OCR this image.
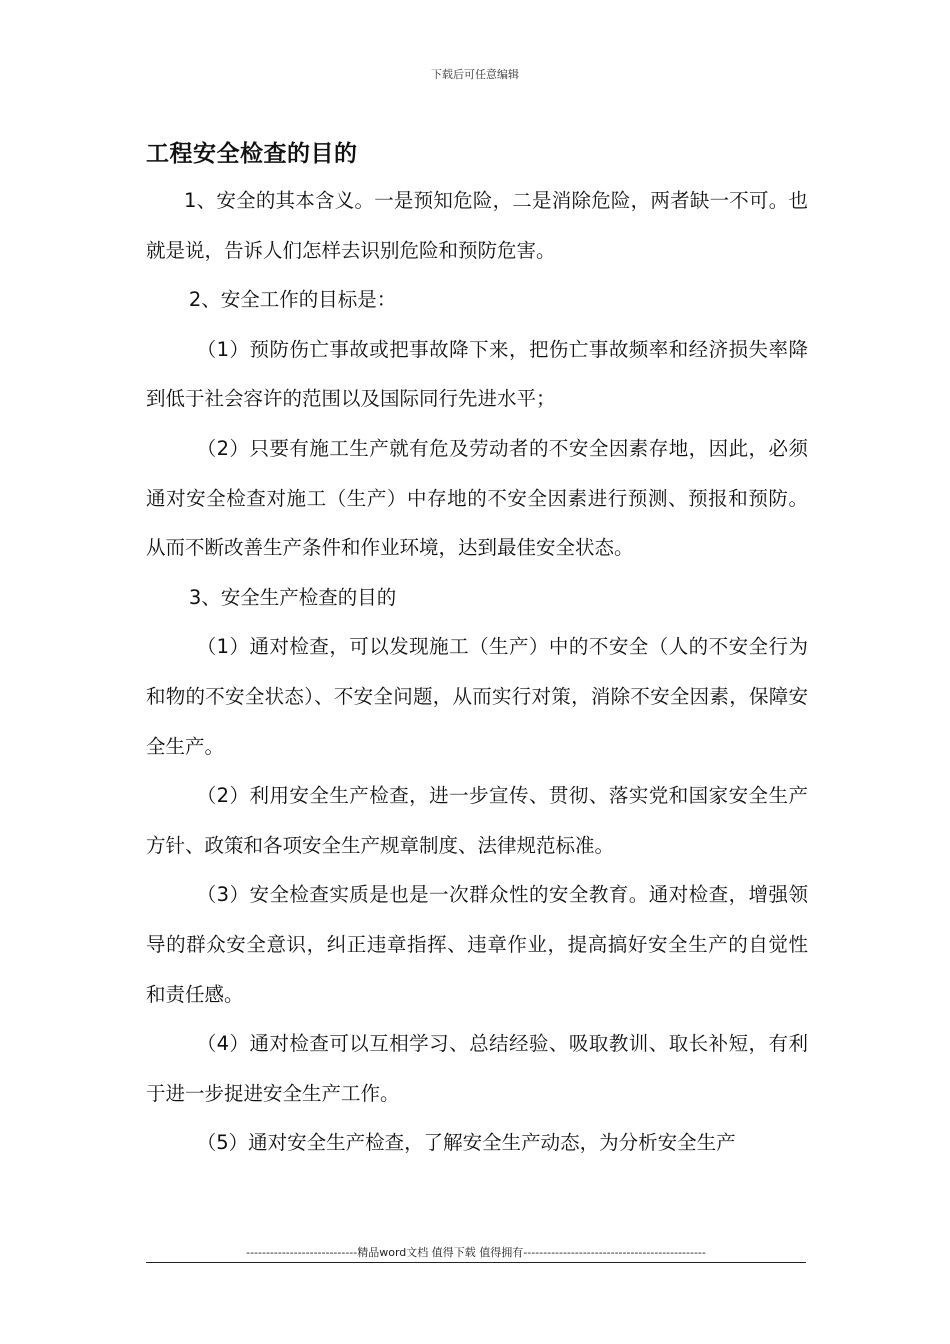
下载后可任意编辑
工程安全检查的目的

1、安全的其本含义。一是预知危险，二是消除危险，两者缺一不可。也就是说，告诉人们怎样去识别危险和预防危害。

2、安全工作的目标是：

（1）预防伤亡事故或把事故降下来，把伤亡事故频率和经济损失率降到低于社会容许的范围以及国际同行先进水平；

（2）只要有施工生产就有危及劳动者的不安全因素存地，因此，必须通对安全检查对施工（生产）中存地的不安全因素进行预测、预报和预防。从而不断改善生产条件和作业环境，达到最佳安全状态。

3、安全生产检查的目的

（1）通对检查，可以发现施工（生产）中的不安全（人的不安全行为和物的不安全状态）、不安全问题，从而实行对策，消除不安全因素，保障安全生产。

（2）利用安全生产检查，进一步宣传、贯彻、落实党和国家安全生产方针、政策和各项安全生产规章制度、法律规范标准。

（3）安全检查实质是也是一次群众性的安全教育。通对检查，增强领导的群众安全意识，纠正违章指挥、违章作业，提高搞好安全生产的自觉性和责任感。

（4）通对检查可以互相学习、总结经验、吸取教训、取长补短，有利于进一步捉进安全生产工作。

（5）通对安全生产检查，了解安全生产动态，为分析安全生产

----------------------------精品word文档 值得下载 值得拥有----------------------------------------------
